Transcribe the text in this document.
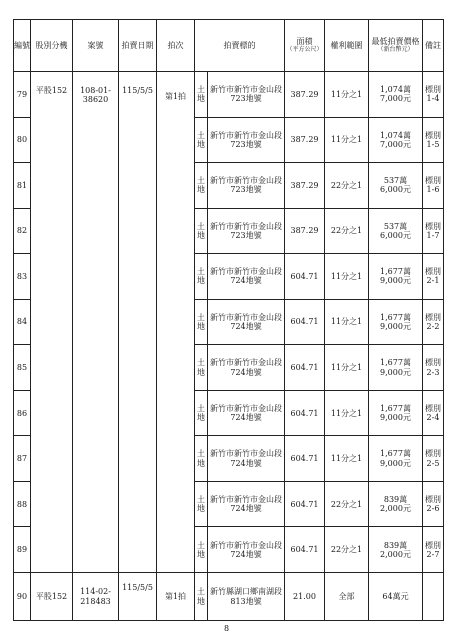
編號	股別分機	案號	拍賣日期	拍次	拍賣標的		面積
（平方公尺）	權利範圍	最低拍賣價格
（新台幣元）	備註
79	平股152	108-01-38620	115/5/5	第1拍	土地	新竹市新竹市金山段723地號	387.29	11分之1	1,074萬
7,000元	標別1-4
80					土地	新竹市新竹市金山段723地號	387.29	11分之1	1,074萬
7,000元	標別1-5
81					土地	新竹市新竹市金山段723地號	387.29	22分之1	537萬
6,000元	標別1-6
82					土地	新竹市新竹市金山段723地號	387.29	22分之1	537萬
6,000元	標別1-7
83					土地	新竹市新竹市金山段724地號	604.71	11分之1	1,677萬
9,000元	標別2-1
84					土地	新竹市新竹市金山段724地號	604.71	11分之1	1,677萬
9,000元	標別2-2
85					土地	新竹市新竹市金山段724地號	604.71	11分之1	1,677萬
9,000元	標別2-3
86					土地	新竹市新竹市金山段724地號	604.71	11分之1	1,677萬
9,000元	標別2-4
87					土地	新竹市新竹市金山段724地號	604.71	11分之1	1,677萬
9,000元	標別2-5
88					土地	新竹市新竹市金山段724地號	604.71	22分之1	839萬
2,000元	標別2-6
89					土地	新竹市新竹市金山段724地號	604.71	22分之1	839萬
2,000元	標別2-7
90	平股152	114-02-218483	115/5/5	第1拍	土地	新竹縣湖口鄉南湖段813地號	21.00	全部	64萬元	

8
